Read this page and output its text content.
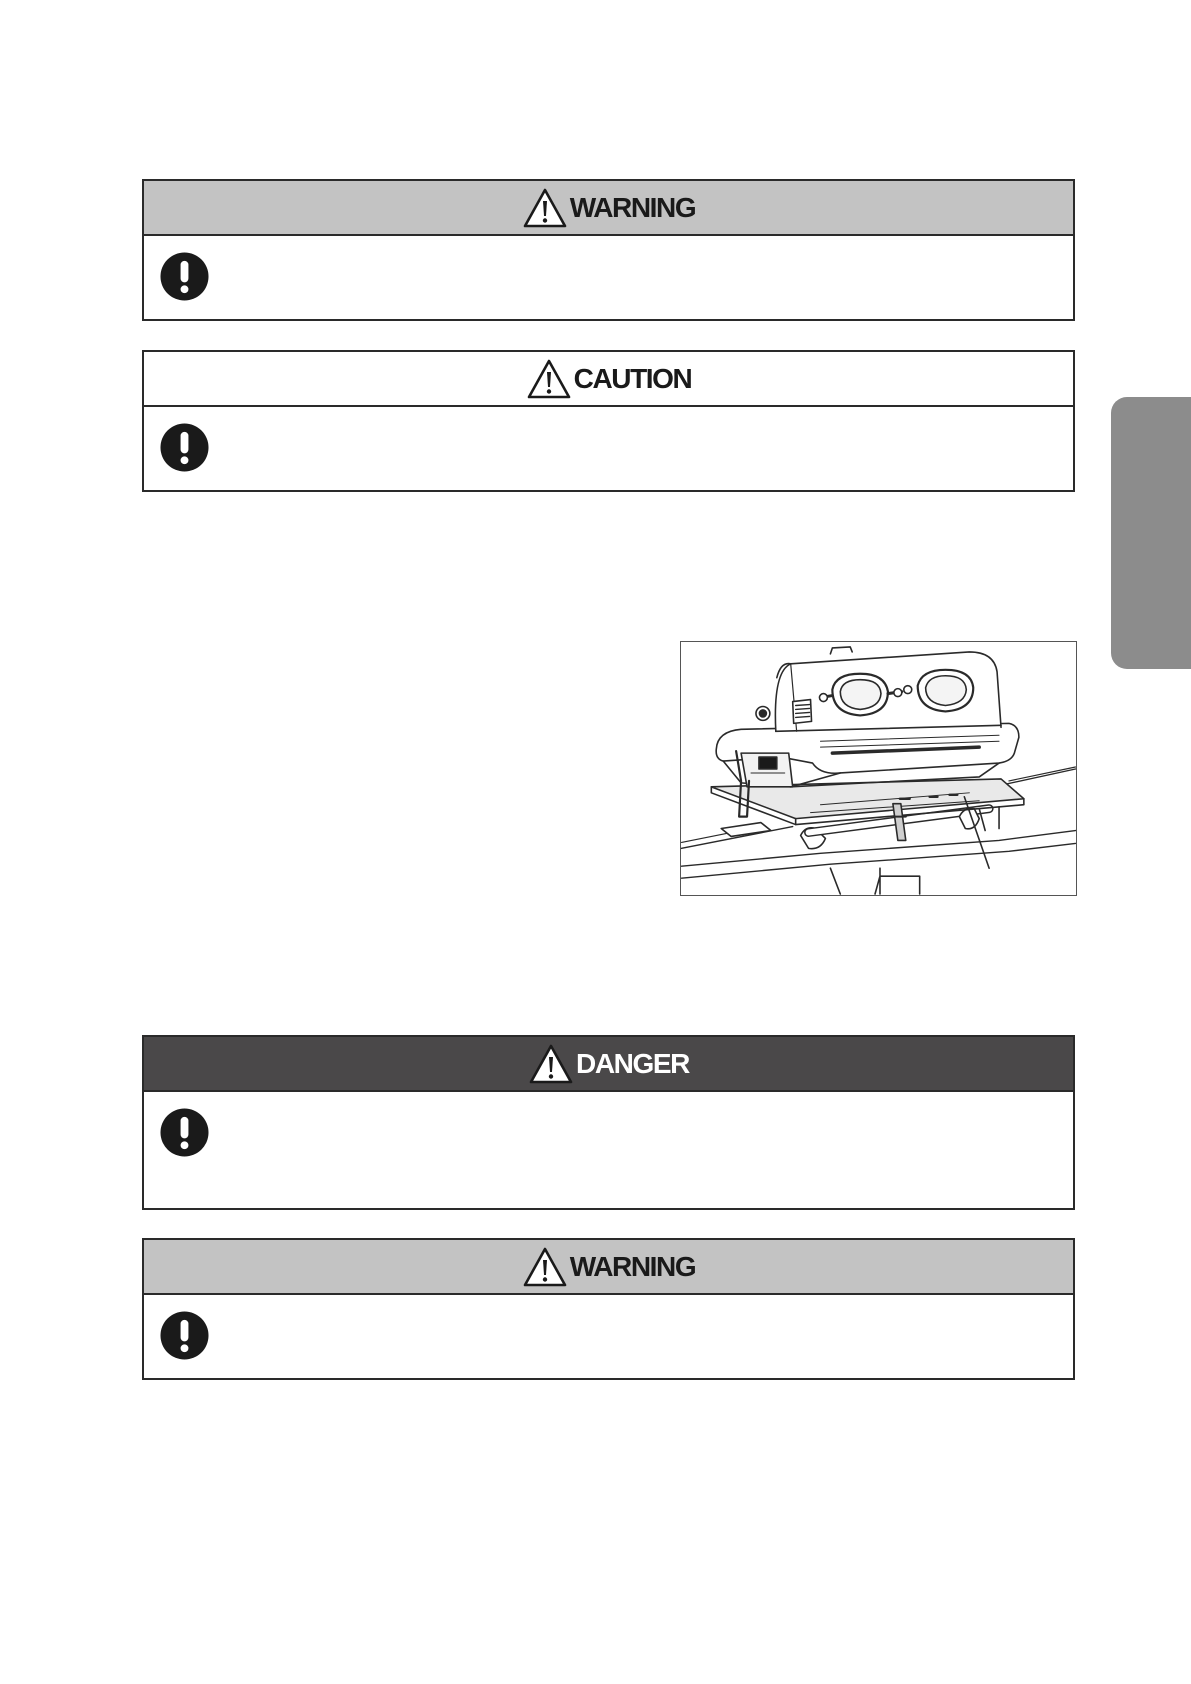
WARNING
CAUTION
DANGER
WARNING
